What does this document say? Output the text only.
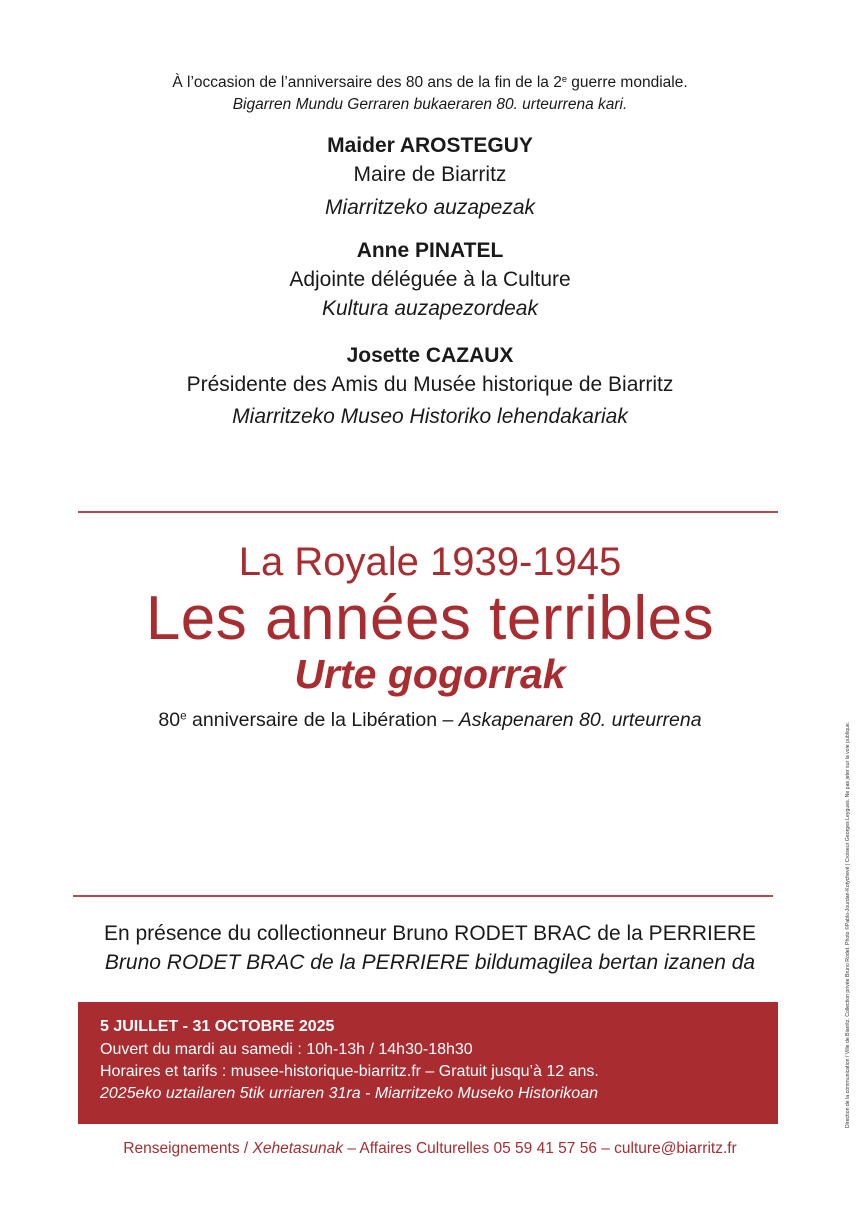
À l’occasion de l’anniversaire des 80 ans de la fin de la 2e guerre mondiale.
Bigarren Mundu Gerraren bukaeraren 80. urteurrena kari.
Maider AROSTEGUY
Maire de Biarritz
Miarritzeko auzapezak
Anne PINATEL
Adjointe déléguée à la Culture
Kultura auzapezordeak
Josette CAZAUX
Présidente des Amis du Musée historique de Biarritz
Miarritzeko Museo Historiko lehendakariak
La Royale 1939-1945
Les années terribles
Urte gogorrak
80e anniversaire de la Libération – Askapenaren 80. urteurrena
En présence du collectionneur Bruno RODET BRAC de la PERRIERE
Bruno RODET BRAC de la PERRIERE bildumagilea bertan izanen da
5 JUILLET - 31 OCTOBRE 2025
Ouvert du mardi au samedi : 10h-13h / 14h30-18h30
Horaires et tarifs : musee-historique-biarritz.fr – Gratuit jusqu’à 12 ans.
2025eko uztailaren 5tik urriaren 31ra - Miarritzeko Museko Historikoan
Renseignements / Xehetasunak – Affaires Culturelles 05 59 41 57 56 – culture@biarritz.fr
Direction de la communication / Ville de Biarritz. Collection privée Bruno Rodet. Photo ©Pablo-Jourdan-Kotychevé | Croiseur Georges Leygues. Ne pas jeter sur la voie publique.
